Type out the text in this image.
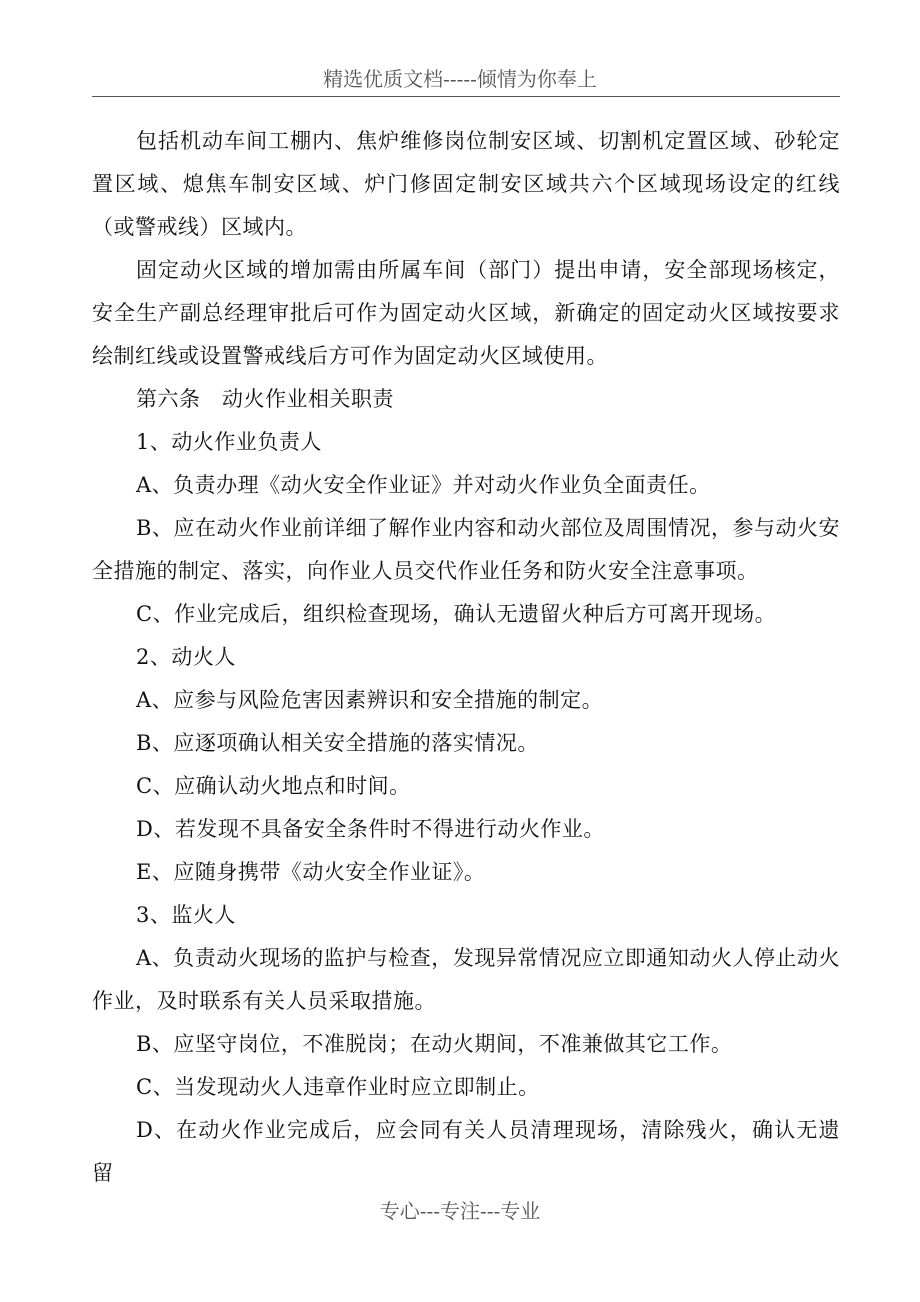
精选优质文档-----倾情为你奉上

包括机动车间工棚内、焦炉维修岗位制安区域、切割机定置区域、砂轮定置区域、熄焦车制安区域、炉门修固定制安区域共六个区域现场设定的红线（或警戒线）区域内。

固定动火区域的增加需由所属车间（部门）提出申请，安全部现场核定，安全生产副总经理审批后可作为固定动火区域，新确定的固定动火区域按要求绘制红线或设置警戒线后方可作为固定动火区域使用。

第六条　动火作业相关职责

1、动火作业负责人

A、负责办理《动火安全作业证》并对动火作业负全面责任。

B、应在动火作业前详细了解作业内容和动火部位及周围情况，参与动火安全措施的制定、落实，向作业人员交代作业任务和防火安全注意事项。

C、作业完成后，组织检查现场，确认无遗留火种后方可离开现场。

2、动火人

A、应参与风险危害因素辨识和安全措施的制定。

B、应逐项确认相关安全措施的落实情况。

C、应确认动火地点和时间。

D、若发现不具备安全条件时不得进行动火作业。

E、应随身携带《动火安全作业证》。

3、监火人

A、负责动火现场的监护与检查，发现异常情况应立即通知动火人停止动火作业，及时联系有关人员采取措施。

B、应坚守岗位，不准脱岗；在动火期间，不准兼做其它工作。

C、当发现动火人违章作业时应立即制止。

D、在动火作业完成后，应会同有关人员清理现场，清除残火，确认无遗留

专心---专注---专业
